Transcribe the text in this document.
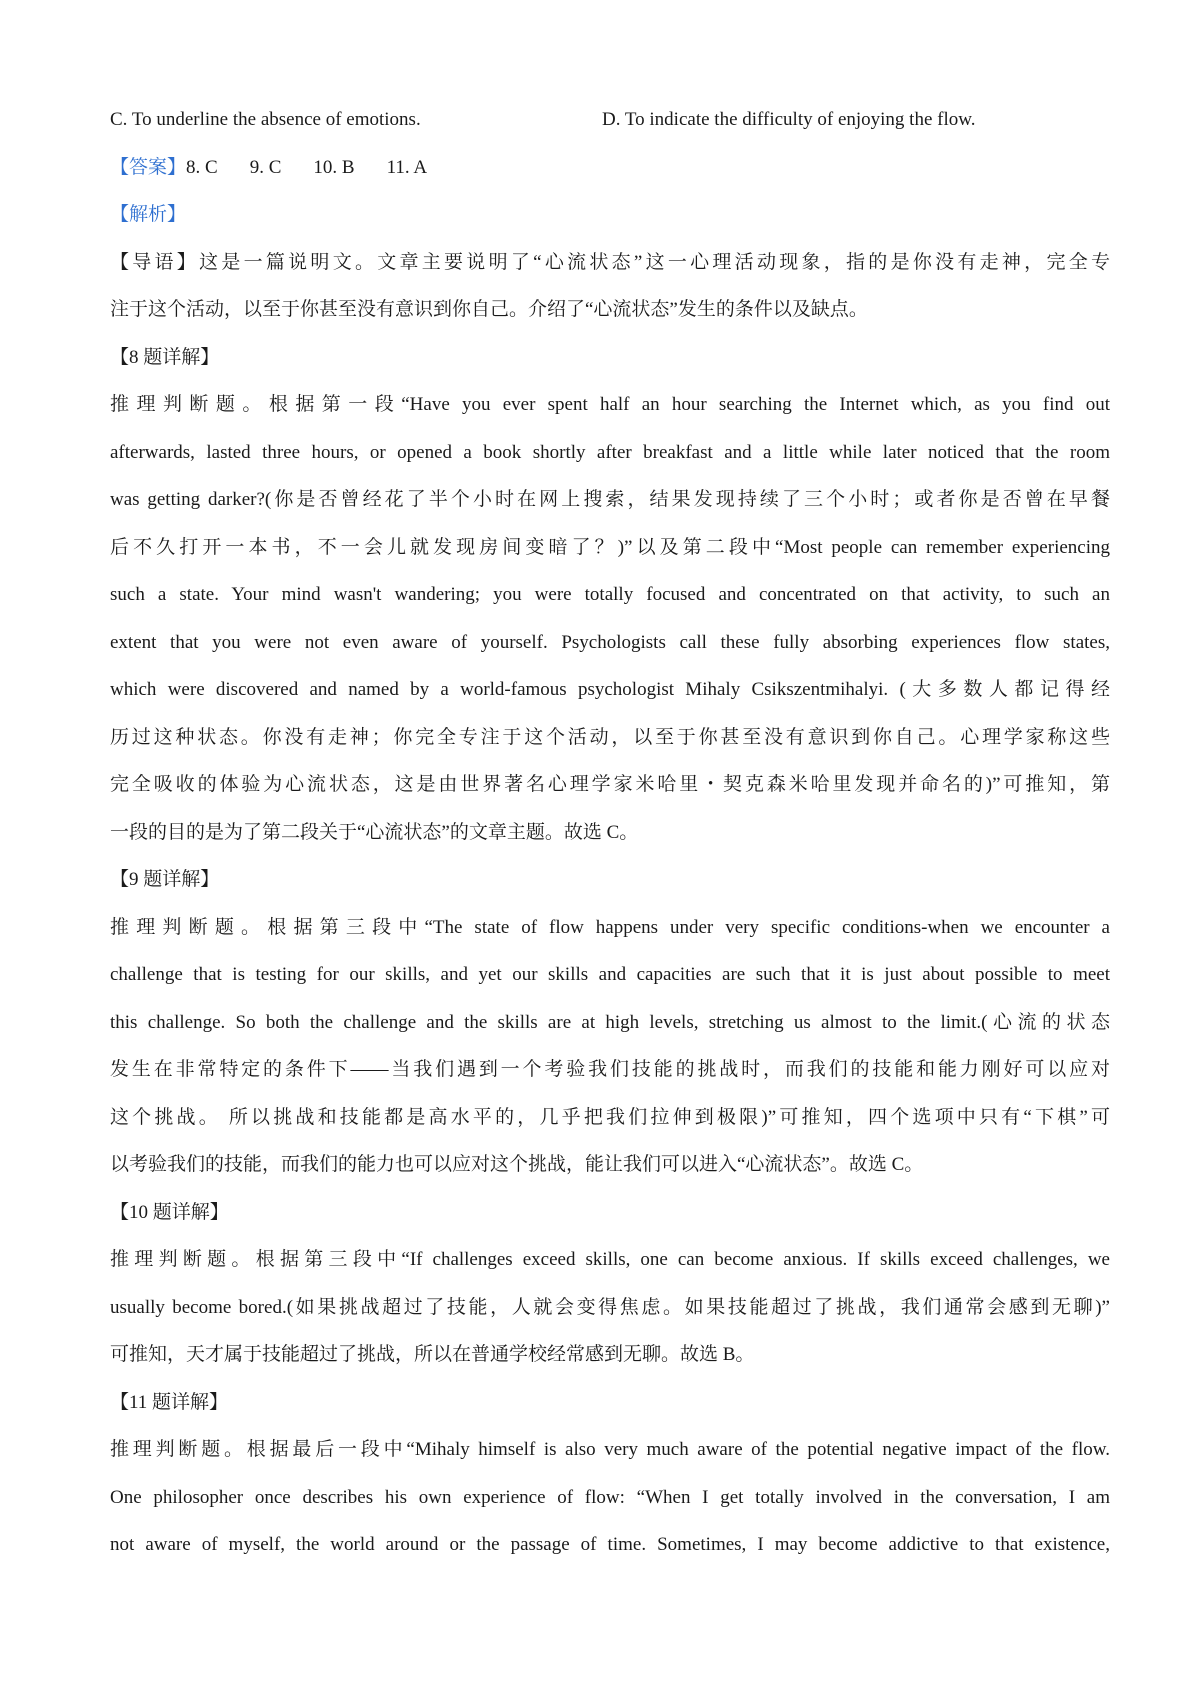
C. To underline the absence of emotions.	D. To indicate the difficulty of enjoying the flow.
【答案】8. C 9. C 10. B 11. A
【解析】
【导语】这是一篇说明文。文章主要说明了“心流状态”这一心理活动现象，指的是你没有走神，完全专
注于这个活动，以至于你甚至没有意识到你自己。介绍了“心流状态”发生的条件以及缺点。
【8 题详解】
推理判断题。根据第一段“Have you ever spent half an hour searching the Internet which, as you find out
afterwards, lasted three hours, or opened a book shortly after breakfast and a little while later noticed that the room
was getting darker?(你是否曾经花了半个小时在网上搜索，结果发现持续了三个小时；或者你是否曾在早餐
后不久打开一本书，不一会儿就发现房间变暗了？)”以及第二段中“Most people can remember experiencing
such a state. Your mind wasn't wandering; you were totally focused and concentrated on that activity, to such an
extent that you were not even aware of yourself. Psychologists call these fully absorbing experiences flow states,
which were discovered and named by a world-famous psychologist Mihaly Csikszentmihalyi. (大多数人都记得经
历过这种状态。你没有走神；你完全专注于这个活动，以至于你甚至没有意识到你自己。心理学家称这些
完全吸收的体验为心流状态，这是由世界著名心理学家米哈里・契克森米哈里发现并命名的)”可推知，第
一段的目的是为了第二段关于“心流状态”的文章主题。故选 C。
【9 题详解】
推理判断题。根据第三段中“The state of flow happens under very specific conditions-when we encounter a
challenge that is testing for our skills, and yet our skills and capacities are such that it is just about possible to meet
this challenge. So both the challenge and the skills are at high levels, stretching us almost to the limit.(心流的状态
发生在非常特定的条件下——当我们遇到一个考验我们技能的挑战时，而我们的技能和能力刚好可以应对
这个挑战。 所以挑战和技能都是高水平的，几乎把我们拉伸到极限)”可推知，四个选项中只有“下棋”可
以考验我们的技能，而我们的能力也可以应对这个挑战，能让我们可以进入“心流状态”。故选 C。
【10 题详解】
推理判断题。根据第三段中“If challenges exceed skills, one can become anxious. If skills exceed challenges, we
usually become bored.(如果挑战超过了技能，人就会变得焦虑。如果技能超过了挑战，我们通常会感到无聊)”
可推知，天才属于技能超过了挑战，所以在普通学校经常感到无聊。故选 B。
【11 题详解】
推理判断题。根据最后一段中“Mihaly himself is also very much aware of the potential negative impact of the flow.
One philosopher once describes his own experience of flow: “When I get totally involved in the conversation, I am
not aware of myself, the world around or the passage of time. Sometimes, I may become addictive to that existence,
